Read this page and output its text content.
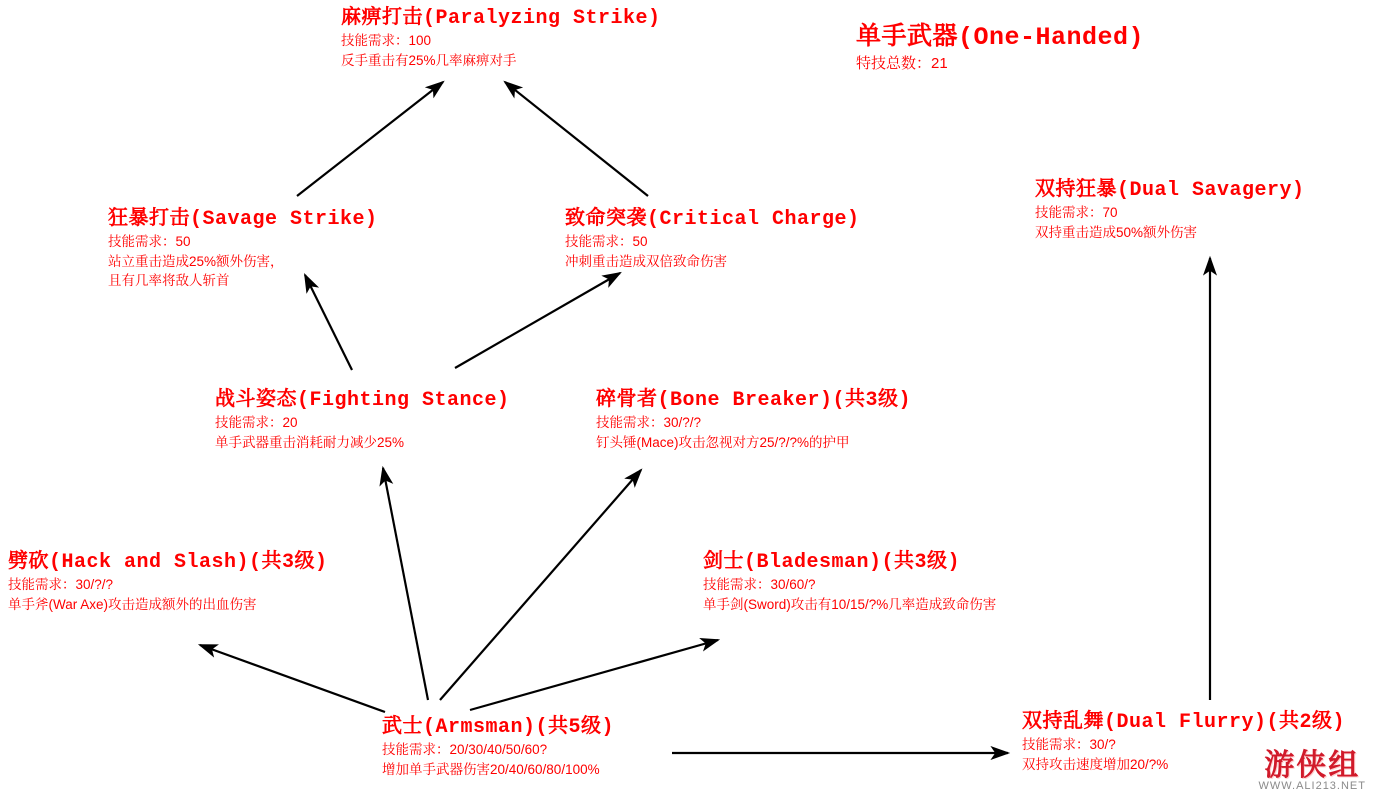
单手武器(One-Handed)
特技总数：21
麻痹打击(Paralyzing Strike)
技能需求：100
反手重击有25%几率麻痹对手
狂暴打击(Savage Strike)
技能需求：50
站立重击造成25%额外伤害，
且有几率将敌人斩首
致命突袭(Critical Charge)
技能需求：50
冲刺重击造成双倍致命伤害
双持狂暴(Dual Savagery)
技能需求：70
双持重击造成50%额外伤害
战斗姿态(Fighting Stance)
技能需求：20
单手武器重击消耗耐力减少25%
碎骨者(Bone Breaker)(共3级)
技能需求：30/?/?
钉头锤(Mace)攻击忽视对方25/?/?%的护甲
劈砍(Hack and Slash)(共3级)
技能需求：30/?/?
单手斧(War Axe)攻击造成额外的出血伤害
剑士(Bladesman)(共3级)
技能需求：30/60/?
单手剑(Sword)攻击有10/15/?%几率造成致命伤害
武士(Armsman)(共5级)
技能需求：20/30/40/50/60?
增加单手武器伤害20/40/60/80/100%
双持乱舞(Dual Flurry)(共2级)
技能需求：30/?
双持攻击速度增加20/?%	游侠组
WWW.ALI213.NET
